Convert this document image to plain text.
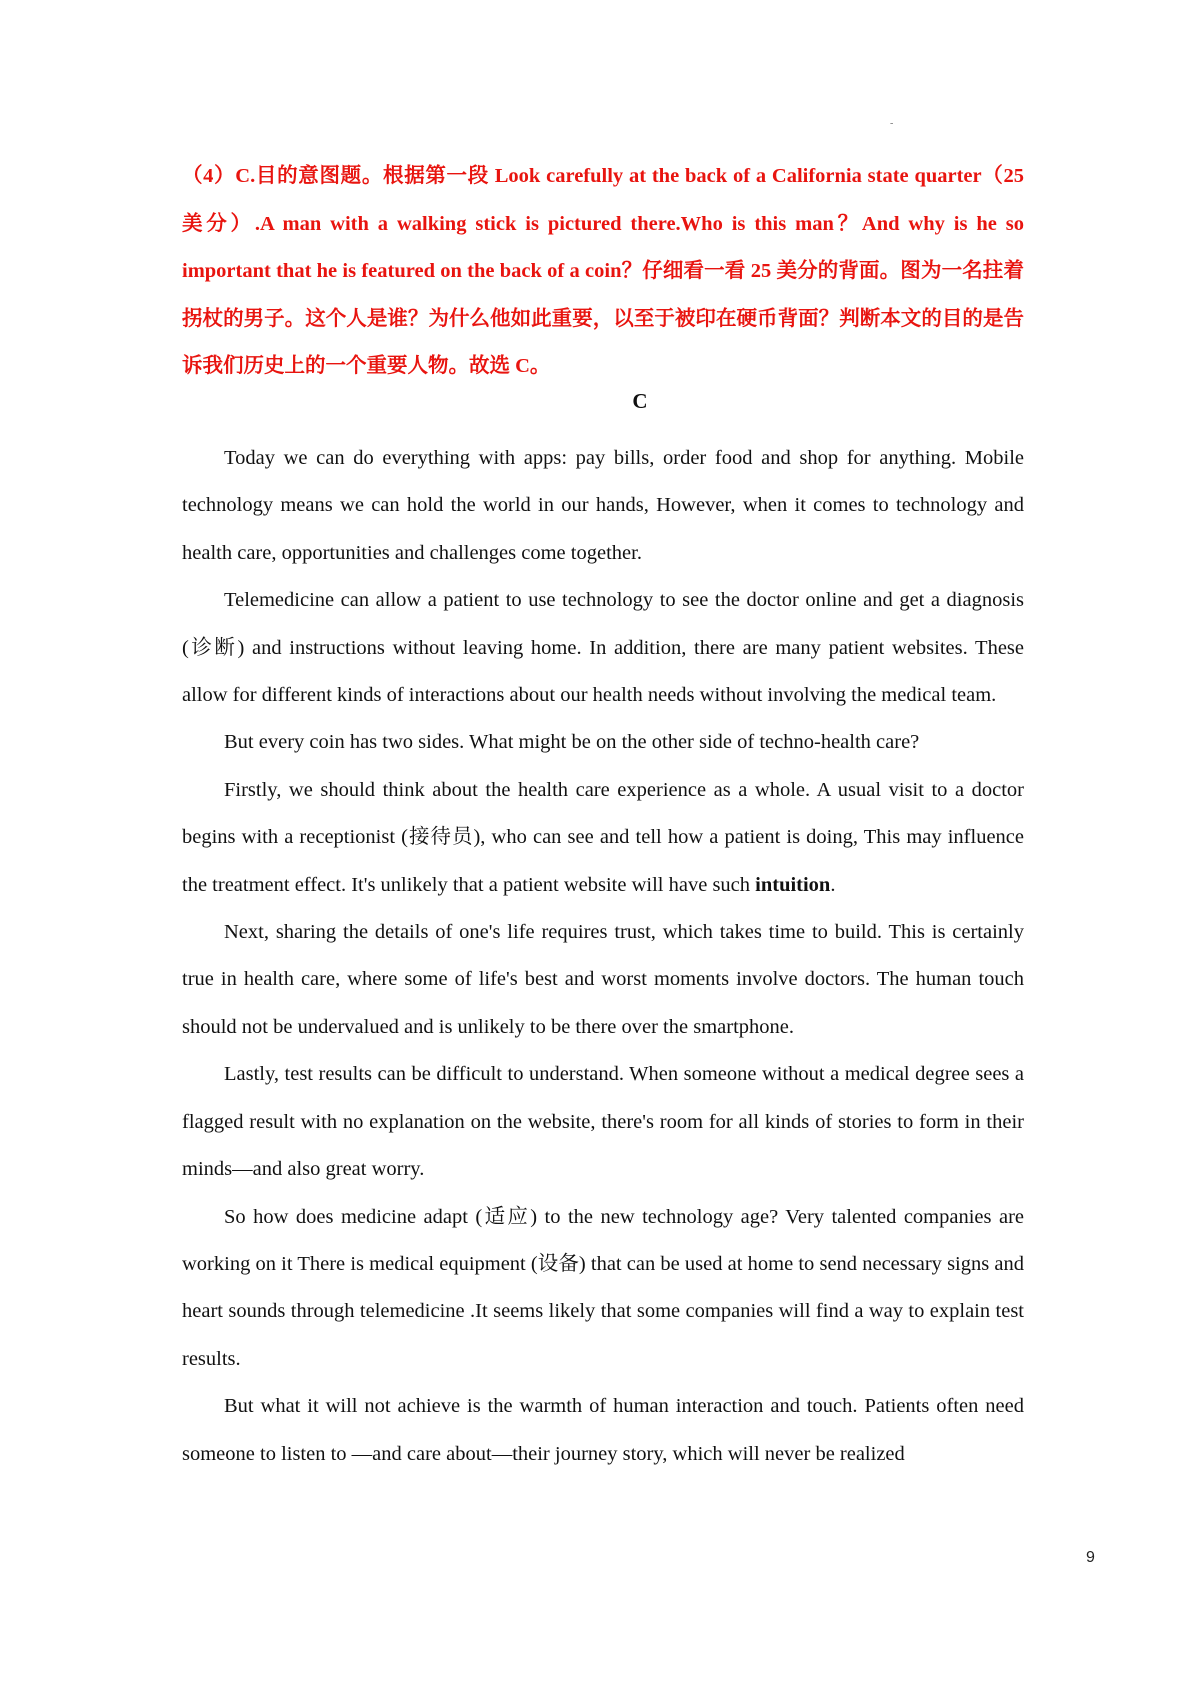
-

（4）C.目的意图题。根据第一段 Look carefully at the back of a California state quarter（25美分）.A man with a walking stick is pictured there.Who is this man？And why is he so important that he is featured on the back of a coin？仔细看一看 25 美分的背面。图为一名拄着拐杖的男子。这个人是谁？为什么他如此重要，以至于被印在硬币背面？判断本文的目的是告诉我们历史上的一个重要人物。故选 C。

C

Today we can do everything with apps: pay bills, order food and shop for anything. Mobile technology means we can hold the world in our hands, However, when it comes to technology and health care, opportunities and challenges come together.

Telemedicine can allow a patient to use technology to see the doctor online and get a diagnosis (诊断) and instructions without leaving home. In addition, there are many patient websites. These allow for different kinds of interactions about our health needs without involving the medical team.

But every coin has two sides. What might be on the other side of techno-health care?

Firstly, we should think about the health care experience as a whole. A usual visit to a doctor begins with a receptionist (接待员), who can see and tell how a patient is doing, This may influence the treatment effect. It's unlikely that a patient website will have such intuition.

Next, sharing the details of one's life requires trust, which takes time to build. This is certainly true in health care, where some of life's best and worst moments involve doctors. The human touch should not be undervalued and is unlikely to be there over the smartphone.

Lastly, test results can be difficult to understand. When someone without a medical degree sees a flagged result with no explanation on the website, there's room for all kinds of stories to form in their minds—and also great worry.

So how does medicine adapt (适应) to the new technology age? Very talented companies are working on it There is medical equipment (设备) that can be used at home to send necessary signs and heart sounds through telemedicine .It seems likely that some companies will find a way to explain test results.

But what it will not achieve is the warmth of human interaction and touch. Patients often need someone to listen to —and care about—their journey story, which will never be realized

9
